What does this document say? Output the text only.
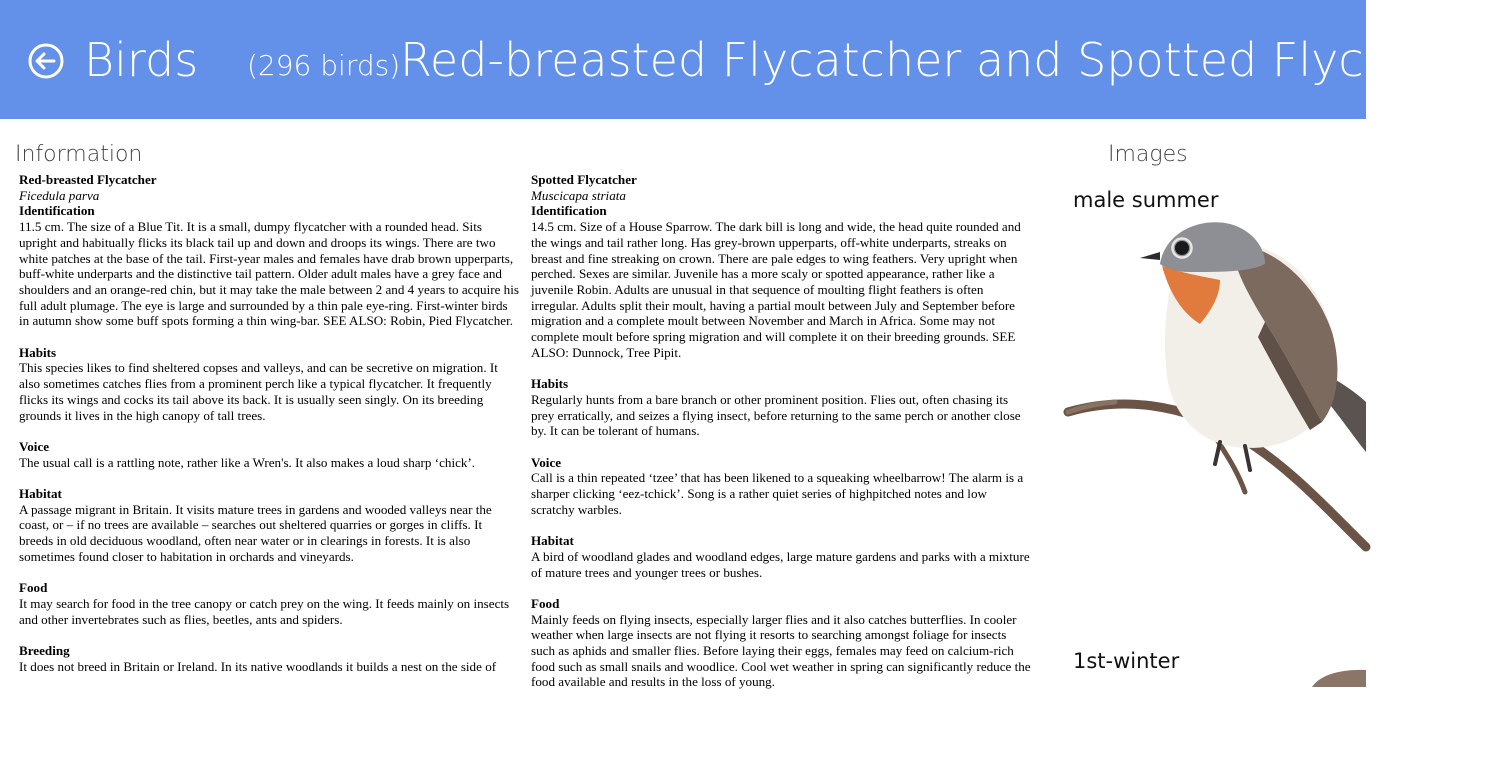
Birds (296 birds) Red-breasted Flycatcher and Spotted Flycatcher
Information	Images

Red-breasted Flycatcher
Ficedula parva
Identification
11.5 cm. The size of a Blue Tit. It is a small, dumpy flycatcher with a rounded head. Sits upright and habitually flicks its black tail up and down and droops its wings. There are two white patches at the base of the tail. First-year males and females have drab brown upperparts, buff-white underparts and the distinctive tail pattern. Older adult males have a grey face and shoulders and an orange-red chin, but it may take the male between 2 and 4 years to acquire his full adult plumage. The eye is large and surrounded by a thin pale eye-ring. First-winter birds in autumn show some buff spots forming a thin wing-bar. SEE ALSO: Robin, Pied Flycatcher.

Habits
This species likes to find sheltered copses and valleys, and can be secretive on migration. It also sometimes catches flies from a prominent perch like a typical flycatcher. It frequently flicks its wings and cocks its tail above its back. It is usually seen singly. On its breeding grounds it lives in the high canopy of tall trees.

Voice
The usual call is a rattling note, rather like a Wren's. It also makes a loud sharp ‘chick’.

Habitat
A passage migrant in Britain. It visits mature trees in gardens and wooded valleys near the coast, or – if no trees are available – searches out sheltered quarries or gorges in cliffs. It breeds in old deciduous woodland, often near water or in clearings in forests. It is also sometimes found closer to habitation in orchards and vineyards.

Food
It may search for food in the tree canopy or catch prey on the wing. It feeds mainly on insects and other invertebrates such as flies, beetles, ants and spiders.

Breeding
It does not breed in Britain or Ireland. In its native woodlands it builds a nest on the side of

Spotted Flycatcher
Muscicapa striata
Identification
14.5 cm. Size of a House Sparrow. The dark bill is long and wide, the head quite rounded and the wings and tail rather long. Has grey-brown upperparts, off-white underparts, streaks on breast and fine streaking on crown. There are pale edges to wing feathers. Very upright when perched. Sexes are similar. Juvenile has a more scaly or spotted appearance, rather like a juvenile Robin. Adults are unusual in that sequence of moulting flight feathers is often irregular. Adults split their moult, having a partial moult between July and September before migration and a complete moult between November and March in Africa. Some may not complete moult before spring migration and will complete it on their breeding grounds. SEE ALSO: Dunnock, Tree Pipit.

Habits
Regularly hunts from a bare branch or other prominent position. Flies out, often chasing its prey erratically, and seizes a flying insect, before returning to the same perch or another close by. It can be tolerant of humans.

Voice
Call is a thin repeated ‘tzee’ that has been likened to a squeaking wheelbarrow! The alarm is a sharper clicking ‘eez-tchick’. Song is a rather quiet series of highpitched notes and low scratchy warbles.

Habitat
A bird of woodland glades and woodland edges, large mature gardens and parks with a mixture of mature trees and younger trees or bushes.

Food
Mainly feeds on flying insects, especially larger flies and it also catches butterflies. In cooler weather when large insects are not flying it resorts to searching amongst foliage for insects such as aphids and smaller flies. Before laying their eggs, females may feed on calcium-rich food such as small snails and woodlice. Cool wet weather in spring can significantly reduce the food available and results in the loss of young.

male summer
1st-winter
